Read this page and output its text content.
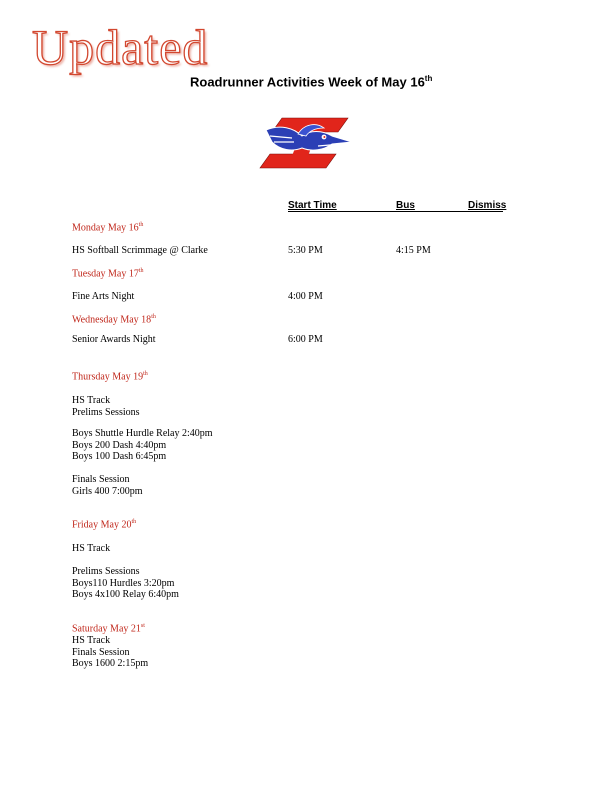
Updated
Roadrunner Activities Week of May 16th
Start Time	Bus	Dismiss
Monday May 16th
HS Softball Scrimmage @ Clarke	5:30 PM	4:15 PM
Tuesday May 17th
Fine Arts Night	4:00 PM
Wednesday May 18th
Senior Awards Night	6:00 PM
Thursday May 19th
HS Track
Prelims Sessions
Boys Shuttle Hurdle Relay 2:40pm
Boys 200 Dash 4:40pm
Boys 100 Dash 6:45pm
Finals Session
Girls 400 7:00pm
Friday May 20th
HS Track
Prelims Sessions
Boys110 Hurdles 3:20pm
Boys 4x100 Relay 6:40pm
Saturday May 21st
HS Track
Finals Session
Boys 1600 2:15pm
